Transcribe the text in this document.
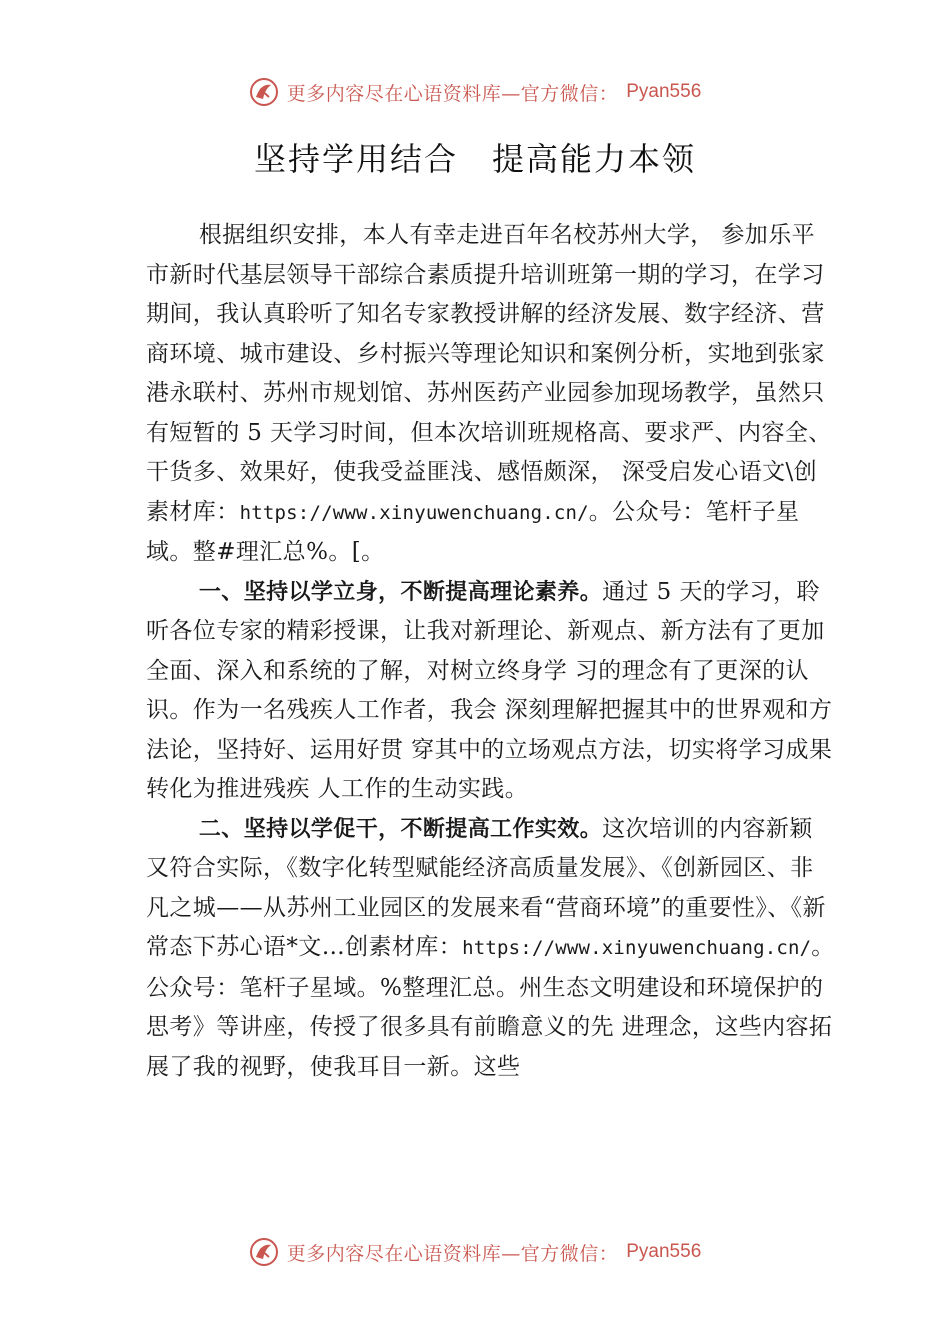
更多内容尽在心语资料库—官方微信： Pyan556
坚持学用结合　提高能力本领

根据组织安排，本人有幸走进百年名校苏州大学， 参加乐平市新时代基层领导干部综合素质提升培训班第一期的学习，在学习期间，我认真聆听了知名专家教授讲解的经济发展、数字经济、营商环境、城市建设、乡村振兴等理论知识和案例分析，实地到张家港永联村、苏州市规划馆、苏州医药产业园参加现场教学，虽然只有短暂的 5 天学习时间，但本次培训班规格高、要求严、内容全、干货多、效果好，使我受益匪浅、感悟颇深， 深受启发心语文\创素材库：https://www.xinyuwenchuang.cn/。公众号：笔杆子星域。整#理汇总%。[。

一、坚持以学立身，不断提高理论素养。通过 5 天的学习，聆听各位专家的精彩授课，让我对新理论、新观点、新方法有了更加全面、深入和系统的了解，对树立终身学 习的理念有了更深的认识。作为一名残疾人工作者，我会 深刻理解把握其中的世界观和方法论，坚持好、运用好贯 穿其中的立场观点方法，切实将学习成果转化为推进残疾 人工作的生动实践。

二、坚持以学促干，不断提高工作实效。这次培训的内容新颖又符合实际，《数字化转型赋能经济高质量发展》、《创新园区、非凡之城——从苏州工业园区的发展来看“营商环境”的重要性》、《新常态下苏心语*文…创素材库：https://www.xinyuwenchuang.cn/。公众号：笔杆子星域。%整理汇总。州生态文明建设和环境保护的思考》等讲座，传授了很多具有前瞻意义的先 进理念，这些内容拓展了我的视野，使我耳目一新。这些

更多内容尽在心语资料库—官方微信： Pyan556
